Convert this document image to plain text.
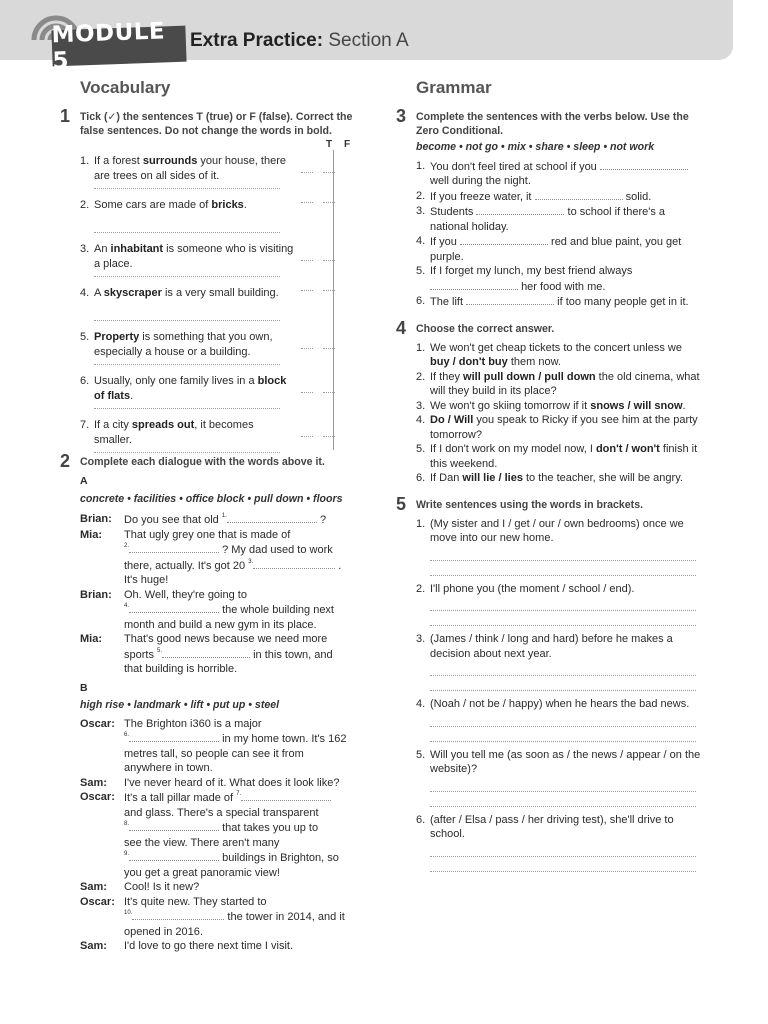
MODULE 5
Extra Practice: Section A
Vocabulary
1 Tick (✓) the sentences T (true) or F (false). Correct the
false sentences. Do not change the words in bold.
T F
1. If a forest surrounds your house, there are trees on all sides of it.
2. Some cars are made of bricks.
3. An inhabitant is someone who is visiting a place.
4. A skyscraper is a very small building.
5. Property is something that you own, especially a house or a building.
6. Usually, only one family lives in a block of flats.
7. If a city spreads out, it becomes smaller.
2 Complete each dialogue with the words above it.
A
concrete • facilities • office block • pull down • floors
Brian:	Do you see that old $^{1.}$	?
Mia:	That ugly grey one that is made of
$^{2.}$	? My dad used to work
there, actually. It's got 20 $^{3.}$	.
It's huge!
Brian:	Oh. Well, they're going to
$^{4.}$	the whole building next
month and build a new gym in its place.
Mia:	That's good news because we need more
sports $^{5.}$	in this town, and
that building is horrible.
B
high rise • landmark • lift • put up • steel
Oscar: The Brighton i360 is a major
$^{6.}$	in my home town. It's 162
metres tall, so people can see it from
anywhere in town.
Sam:	I've never heard of it. What does it look like?
Oscar: It's a tall pillar made of $^{7.}$
and glass. There's a special transparent
$^{8.}$	that takes you up to
see the view. There aren't many
$^{9.}$	buildings in Brighton, so
you get a great panoramic view!
Sam:	Cool! Is it new?
Oscar: It's quite new. They started to
$^{10.}$	the tower in 2014, and it
opened in 2016.
Sam:	I'd love to go there next time I visit.
Grammar
3 Complete the sentences with the verbs below. Use the
Zero Conditional.
become • not go • mix • share • sleep • not work
1. You don't feel tired at school if you  well during the night.
2. If you freeze water, it	solid.
3. Students	to school if there's a national holiday.
4. If you	red and blue paint, you get purple.
5. If I forget my lunch, my best friend always  her food with me.
6. The lift	if too many people get in it.
4 Choose the correct answer.
1. We won't get cheap tickets to the concert unless we buy / don't buy them now.
2. If they will pull down / pull down the old cinema, what will they build in its place?
3. We won't go skiing tomorrow if it snows / will snow.
4. Do / Will you speak to Ricky if you see him at the party tomorrow?
5. If I don't work on my model now, I don't / won't finish it this weekend.
6. If Dan will lie / lies to the teacher, she will be angry.
5 Write sentences using the words in brackets.
1. (My sister and I / get / our / own bedrooms) once we move into our new home.
2. I'll phone you (the moment / school / end).
3. (James / think / long and hard) before he makes a decision about next year.
4. (Noah / not be / happy) when he hears the bad news.
5. Will you tell me (as soon as / the news / appear / on the website)?
6. (after / Elsa / pass / her driving test), she'll drive to school.
